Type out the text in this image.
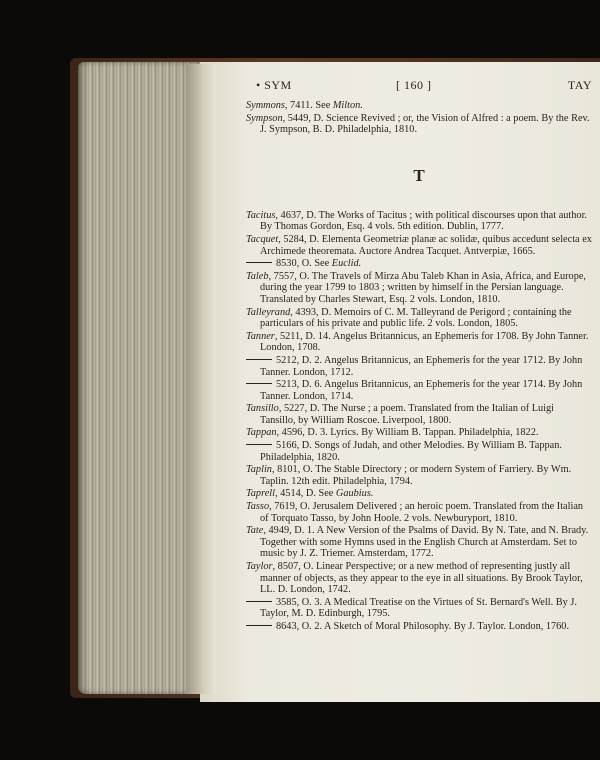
• SYM	[ 160 ]	TAY
Symmons, 7411. See Milton.
Sympson, 5449, D. Science Revived ; or, the Vision of Alfred : a poem. By the Rev. J. Sympson, B. D. Philadelphia, 1810.
T
Tacitus, 4637, D. The Works of Tacitus ; with political discourses upon that author. By Thomas Gordon, Esq. 4 vols. 5th edition. Dublin, 1777.
Tacquet, 5284, D. Elementa Geometriæ planæ ac solidæ, quibus accedunt selecta ex Archimede theoremata. Auctore Andrea Tacquet. Antverpiæ, 1665.
8530, O. See Euclid.
Taleb, 7557, O. The Travels of Mirza Abu Taleb Khan in Asia, Africa, and Europe, during the year 1799 to 1803 ; written by himself in the Persian language. Translated by Charles Stewart, Esq. 2 vols. London, 1810.
Talleyrand, 4393, D. Memoirs of C. M. Talleyrand de Perigord ; containing the particulars of his private and public life. 2 vols. London, 1805.
Tanner, 5211, D. 14. Angelus Britannicus, an Ephemeris for 1708. By John Tanner. London, 1708.
5212, D. 2. Angelus Britannicus, an Ephemeris for the year 1712. By John Tanner. London, 1712.
5213, D. 6. Angelus Britannicus, an Ephemeris for the year 1714. By John Tanner. London, 1714.
Tansillo, 5227, D. The Nurse ; a poem. Translated from the Italian of Luigi Tansillo, by William Roscoe. Liverpool, 1800.
Tappan, 4596, D. 3. Lyrics. By William B. Tappan. Philadelphia, 1822.
5166, D. Songs of Judah, and other Melodies. By William B. Tappan. Philadelphia, 1820.
Taplin, 8101, O. The Stable Directory ; or modern System of Farriery. By Wm. Taplin. 12th edit. Philadelphia, 1794.
Taprell, 4514, D. See Gaubius.
Tasso, 7619, O. Jerusalem Delivered ; an heroic poem. Translated from the Italian of Torquato Tasso, by John Hoole. 2 vols. Newburyport, 1810.
Tate, 4949, D. 1. A New Version of the Psalms of David. By N. Tate, and N. Brady. Together with some Hymns used in the English Church at Amsterdam. Set to music by J. Z. Triemer. Amsterdam, 1772.
Taylor, 8507, O. Linear Perspective; or a new method of representing justly all manner of objects, as they appear to the eye in all situations. By Brook Taylor, LL. D. London, 1742.
3585, O. 3. A Medical Treatise on the Virtues of St. Bernard's Well. By J. Taylor, M. D. Edinburgh, 1795.
8643, O. 2. A Sketch of Moral Philosophy. By J. Taylor. London, 1760.
